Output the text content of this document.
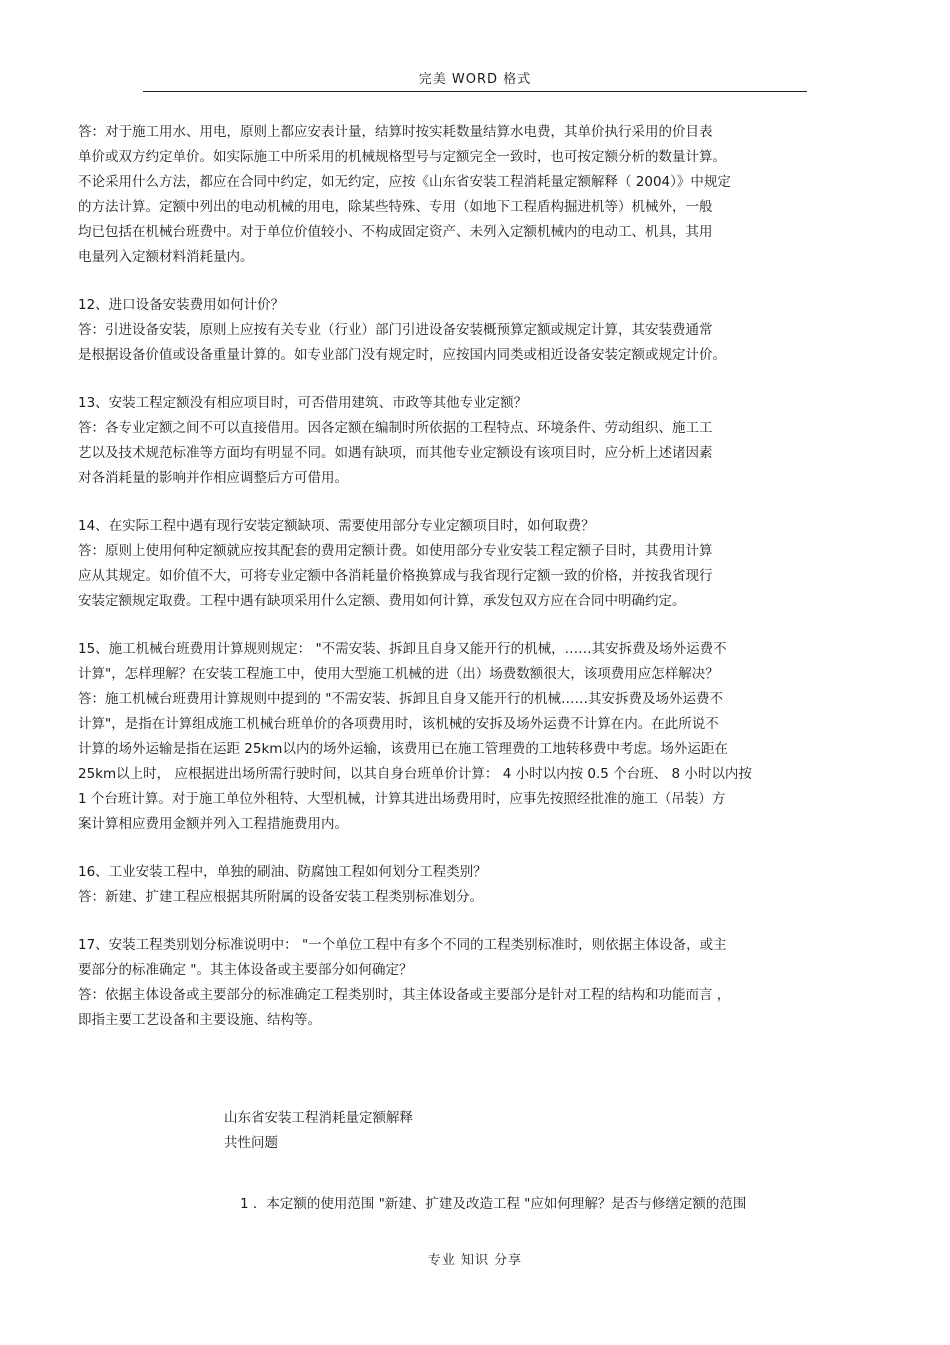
完美 WORD 格式
答：对于施工用水、用电，原则上都应安表计量，结算时按实耗数量结算水电费，其单价执行采用的价目表
单价或双方约定单价。如实际施工中所采用的机械规格型号与定额完全一致时，也可按定额分析的数量计算。
不论采用什么方法，都应在合同中约定，如无约定，应按《山东省安装工程消耗量定额解释（ 2004）》中规定
的方法计算。定额中列出的电动机械的用电，除某些特殊、专用（如地下工程盾构掘进机等）机械外，一般
均已包括在机械台班费中。对于单位价值较小、不构成固定资产、未列入定额机械内的电动工、机具，其用
电量列入定额材料消耗量内。
12、进口设备安装费用如何计价？
答：引进设备安装，原则上应按有关专业（行业）部门引进设备安装概预算定额或规定计算，其安装费通常
是根据设备价值或设备重量计算的。如专业部门没有规定时，应按国内同类或相近设备安装定额或规定计价。
13、安装工程定额没有相应项目时，可否借用建筑、市政等其他专业定额？
答：各专业定额之间不可以直接借用。因各定额在编制时所依据的工程特点、环境条件、劳动组织、施工工
艺以及技术规范标准等方面均有明显不同。如遇有缺项，而其他专业定额设有该项目时，应分析上述诸因素
对各消耗量的影响并作相应调整后方可借用。
14、在实际工程中遇有现行安装定额缺项、需要使用部分专业定额项目时，如何取费？
答：原则上使用何种定额就应按其配套的费用定额计费。如使用部分专业安装工程定额子目时，其费用计算
应从其规定。如价值不大，可将专业定额中各消耗量价格换算成与我省现行定额一致的价格，并按我省现行
安装定额规定取费。工程中遇有缺项采用什么定额、费用如何计算，承发包双方应在合同中明确约定。
15、施工机械台班费用计算规则规定： "不需安装、拆卸且自身又能开行的机械，……其安拆费及场外运费不
计算"，怎样理解？在安装工程施工中，使用大型施工机械的进（出）场费数额很大，该项费用应怎样解决？
答：施工机械台班费用计算规则中提到的 "不需安装、拆卸且自身又能开行的机械……其安拆费及场外运费不
计算"，是指在计算组成施工机械台班单价的各项费用时，该机械的安拆及场外运费不计算在内。在此所说不
计算的场外运输是指在运距 25km以内的场外运输，该费用已在施工管理费的工地转移费中考虑。场外运距在
25km以上时， 应根据进出场所需行驶时间，以其自身台班单价计算： 4 小时以内按 0.5 个台班、 8 小时以内按
1 个台班计算。对于施工单位外租特、大型机械，计算其进出场费用时，应事先按照经批准的施工（吊装）方
案计算相应费用金额并列入工程措施费用内。
16、工业安装工程中，单独的刷油、防腐蚀工程如何划分工程类别？
答：新建、扩建工程应根据其所附属的设备安装工程类别标准划分。
17、安装工程类别划分标准说明中： "一个单位工程中有多个不同的工程类别标准时，则依据主体设备，或主
要部分的标准确定 "。其主体设备或主要部分如何确定？
答：依据主体设备或主要部分的标准确定工程类别时，其主体设备或主要部分是针对工程的结构和功能而言 ，
即指主要工艺设备和主要设施、结构等。
山东省安装工程消耗量定额解释
共性问题
1 ．本定额的使用范围 "新建、扩建及改造工程 "应如何理解？是否与修缮定额的范围
专业 知识 分享
